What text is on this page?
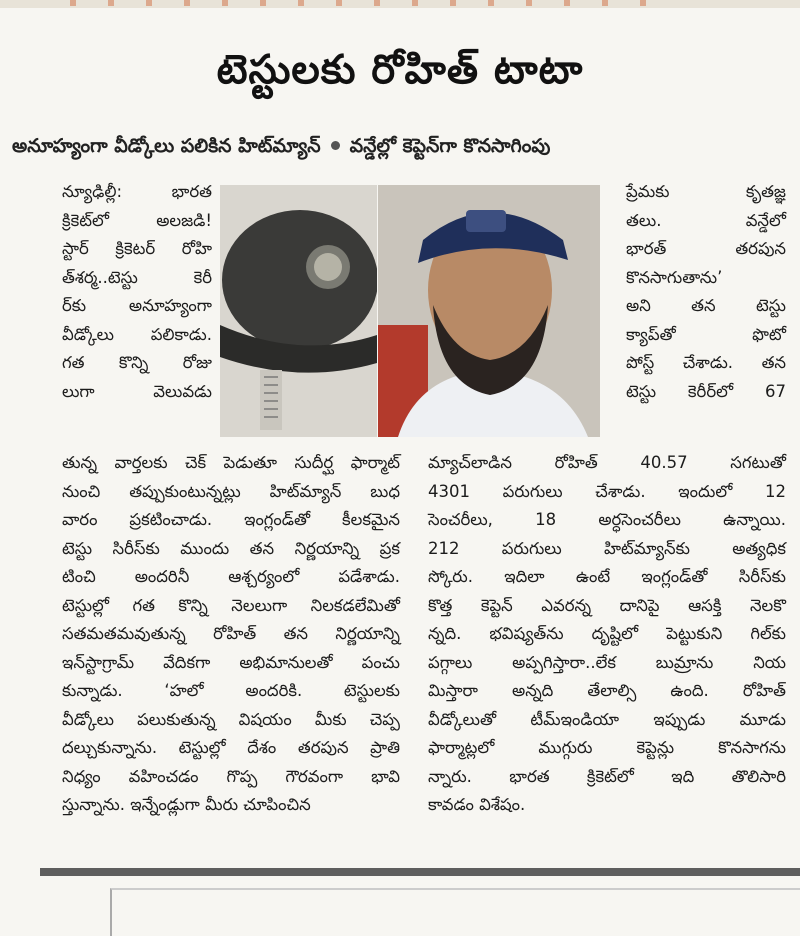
టెస్టులకు రోహిత్ టాటా
అనూహ్యంగా వీడ్కోలు పలికిన హిట్‌మ్యాన్ వన్డేల్లో కెప్టెన్‌గా కొనసాగింపు

న్యూఢిల్లీ: భారత

క్రికెట్‌లో అలజడి!

స్టార్ క్రికెటర్ రోహి

త్‌శర్మ..టెస్టు కెరీ

ర్‌కు అనూహ్యంగా

వీడ్కోలు పలికాడు.

గత కొన్ని రోజు

లుగా వెలువడు

తున్న వార్తలకు చెక్ పెడుతూ సుదీర్ఘ ఫార్మాట్

నుంచి తప్పుకుంటున్నట్లు హిట్‌మ్యాన్ బుధ

వారం ప్రకటించాడు. ఇంగ్లండ్‌తో కీలకమైన

టెస్టు సిరీస్‌కు ముందు తన నిర్ణయాన్ని ప్రక

టించి అందరినీ ఆశ్చర్యంలో పడేశాడు.

టెస్టుల్లో గత కొన్ని నెలలుగా నిలకడలేమితో

సతమతమవుతున్న రోహిత్ తన నిర్ణయాన్ని

ఇన్‌స్టాగ్రామ్ వేదికగా అభిమానులతో పంచు

కున్నాడు. ‘హలో అందరికి. టెస్టులకు

వీడ్కోలు పలుకుతున్న విషయం మీకు చెప్ప

దల్చుకున్నాను. టెస్టుల్లో దేశం తరపున ప్రాతి

నిధ్యం వహించడం గొప్ప గౌరవంగా భావి

స్తున్నాను. ఇన్నేండ్లుగా మీరు చూపించిన

ప్రేమకు కృతజ్ఞ

తలు. వన్డేలో

భారత్ తరపున

కొనసాగుతాను’

అని తన టెస్టు

క్యాప్‌తో ఫొటో

పోస్ట్ చేశాడు. తన

టెస్టు కెరీర్‌లో 67

మ్యాచ్‌లాడిన రోహిత్ 40.57 సగటుతో

4301 పరుగులు చేశాడు. ఇందులో 12

సెంచరీలు, 18 అర్ధసెంచరీలు ఉన్నాయి.

212 పరుగులు హిట్‌మ్యాన్‌కు అత్యధిక

స్కోరు. ఇదిలా ఉంటే ఇంగ్లండ్‌తో సిరీస్‌కు

కొత్త కెప్టెన్ ఎవరన్న దానిపై ఆసక్తి నెలకొ

న్నది. భవిష్యత్‌ను దృష్టిలో పెట్టుకుని గిల్‌కు

పగ్గాలు అప్పగిస్తారా..లేక బుమ్రాను నియ

మిస్తారా అన్నది తేలాల్సి ఉంది. రోహిత్

వీడ్కోలుతో టీమ్‌ఇండియా ఇప్పుడు మూడు

ఫార్మాట్లలో ముగ్గురు కెప్టెన్లు కొనసాగను

న్నారు. భారత క్రికెట్‌లో ఇది తొలిసారి

కావడం విశేషం.
